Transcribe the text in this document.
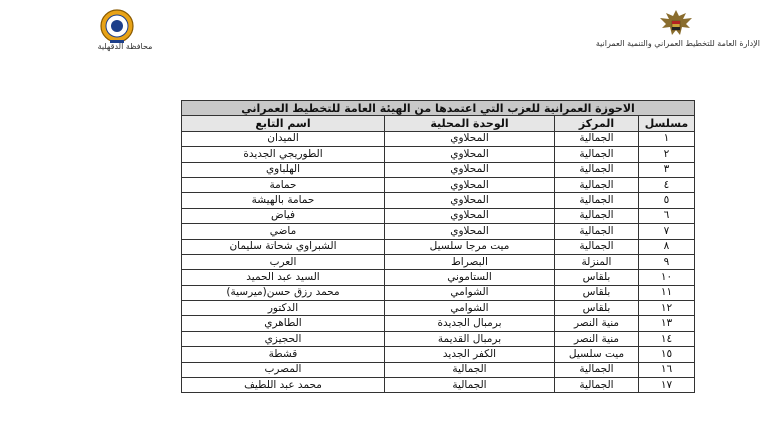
الإدارة العامة للتخطيط العمراني والتنمية العمرانية
محافظة الدقهلية
الاحوزة العمرانية للعزب التي اعتمدها من الهيئة العامة للتخطيط العمراني			
مسلسل	المركز	الوحدة المحلية	اسم التابع
١	الجمالية	المحلاوي	الميدان
٢	الجمالية	المحلاوي	الطوريجي الجديدة
٣	الجمالية	المحلاوي	الهلباوي
٤	الجمالية	المحلاوي	حمامة
٥	الجمالية	المحلاوي	حمامة بالهيشة
٦	الجمالية	المحلاوي	فياض
٧	الجمالية	المحلاوي	ماضي
٨	الجمالية	ميت مرجا سلسيل	الشبراوي شحاتة سليمان
٩	المنزلة	البصراط	العرب
١٠	بلقاس	الستاموني	السيد عبد الحميد
١١	بلقاس	الشوامي	محمد رزق حسن(ميرسية)
١٢	بلقاس	الشوامي	الدكتور
١٣	منية النصر	برمبال الجديدة	الطاهري
١٤	منية النصر	برمبال القديمة	الحجيزي
١٥	ميت سلسيل	الكفر الجديد	قشطة
١٦	الجمالية	الجمالية	المصرب
١٧	الجمالية	الجمالية	محمد عبد اللطيف
